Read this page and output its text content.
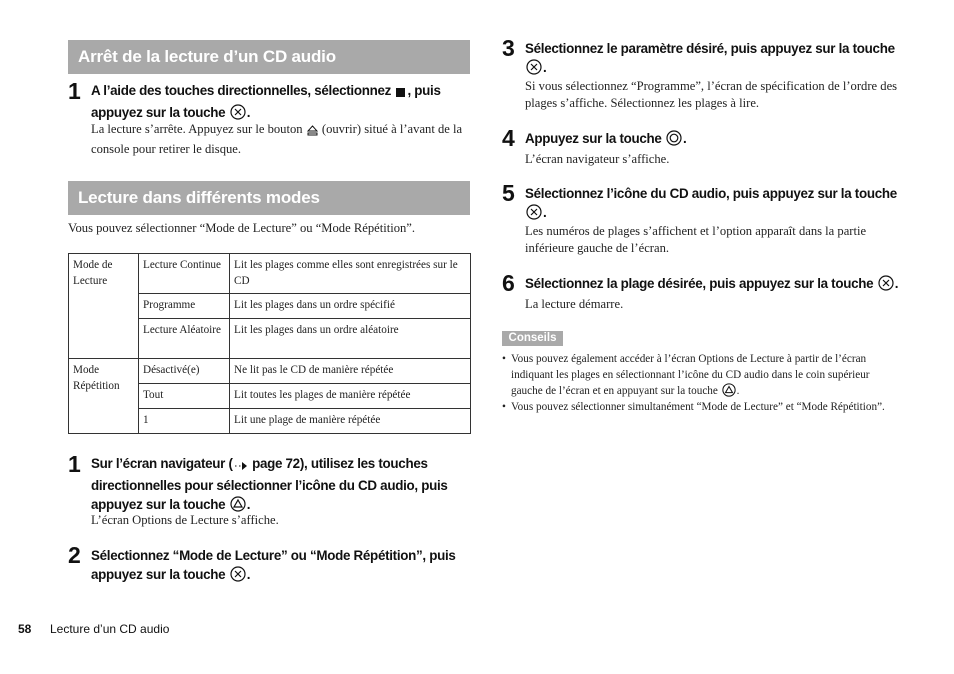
Arrêt de la lecture d’un CD audio
1 A l’aide des touches directionnelles, sélectionnez , puis appuyez sur la touche .
La lecture s’arrête. Appuyez sur le bouton (ouvrir) situé à l’avant de la console pour retirer le disque.
Lecture dans différents modes
Vous pouvez sélectionner “Mode de Lecture” ou “Mode Répétition”.
Mode de Lecture	Lecture Continue	Lit les plages comme elles sont enregistrées sur le CD
	Programme	Lit les plages dans un ordre spécifié
	Lecture Aléatoire	Lit les plages dans un ordre aléatoire
Mode Répétition	Désactivé(e)	Ne lit pas le CD de manière répétée
	Tout	Lit toutes les plages de manière répétée
	1	Lit une plage de manière répétée
1 Sur l’écran navigateur ( page 72), utilisez les touches directionnelles pour sélectionner l’icône du CD audio, puis appuyez sur la touche .
L’écran Options de Lecture s’affiche.
2 Sélectionnez “Mode de Lecture” ou “Mode Répétition”, puis appuyez sur la touche .
3 Sélectionnez le paramètre désiré, puis appuyez sur la touche .
Si vous sélectionnez “Programme”, l’écran de spécification de l’ordre des plages s’affiche. Sélectionnez les plages à lire.
4 Appuyez sur la touche .
L’écran navigateur s’affiche.
5 Sélectionnez l’icône du CD audio, puis appuyez sur la touche .
Les numéros de plages s’affichent et l’option apparaît dans la partie inférieure gauche de l’écran.
6 Sélectionnez la plage désirée, puis appuyez sur la touche .
La lecture démarre.
Conseils
• Vous pouvez également accéder à l’écran Options de Lecture à partir de l’écran indiquant les plages en sélectionnant l’icône du CD audio dans le coin supérieur gauche de l’écran et en appuyant sur la touche .
• Vous pouvez sélectionner simultanément “Mode de Lecture” et “Mode Répétition”.
58 Lecture d’un CD audio
